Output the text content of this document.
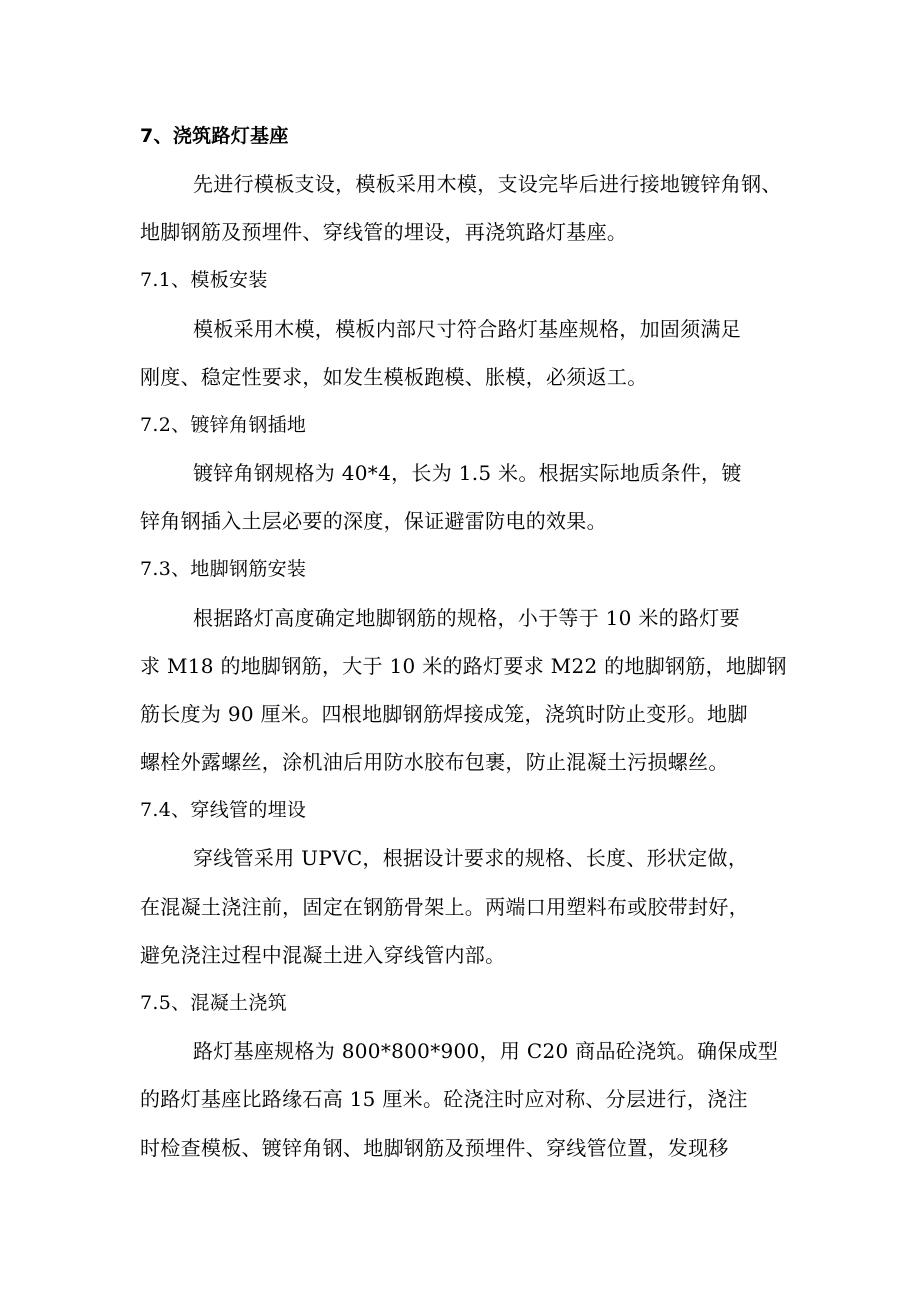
7、浇筑路灯基座
先进行模板支设，模板采用木模，支设完毕后进行接地镀锌角钢、
地脚钢筋及预埋件、穿线管的埋设，再浇筑路灯基座。
7.1、模板安装
模板采用木模，模板内部尺寸符合路灯基座规格，加固须满足
刚度、稳定性要求，如发生模板跑模、胀模，必须返工。
7.2、镀锌角钢插地
镀锌角钢规格为 40*4，长为 1.5 米。根据实际地质条件，镀
锌角钢插入土层必要的深度，保证避雷防电的效果。
7.3、地脚钢筋安装
根据路灯高度确定地脚钢筋的规格，小于等于 10 米的路灯要
求 M18 的地脚钢筋，大于 10 米的路灯要求 M22 的地脚钢筋，地脚钢
筋长度为 90 厘米。四根地脚钢筋焊接成笼，浇筑时防止变形。地脚
螺栓外露螺丝，涂机油后用防水胶布包裹，防止混凝土污损螺丝。
7.4、穿线管的埋设
穿线管采用 UPVC，根据设计要求的规格、长度、形状定做，
在混凝土浇注前，固定在钢筋骨架上。两端口用塑料布或胶带封好，
避免浇注过程中混凝土进入穿线管内部。
7.5、混凝土浇筑
路灯基座规格为 800*800*900，用 C20 商品砼浇筑。确保成型
的路灯基座比路缘石高 15 厘米。砼浇注时应对称、分层进行，浇注
时检查模板、镀锌角钢、地脚钢筋及预埋件、穿线管位置，发现移
